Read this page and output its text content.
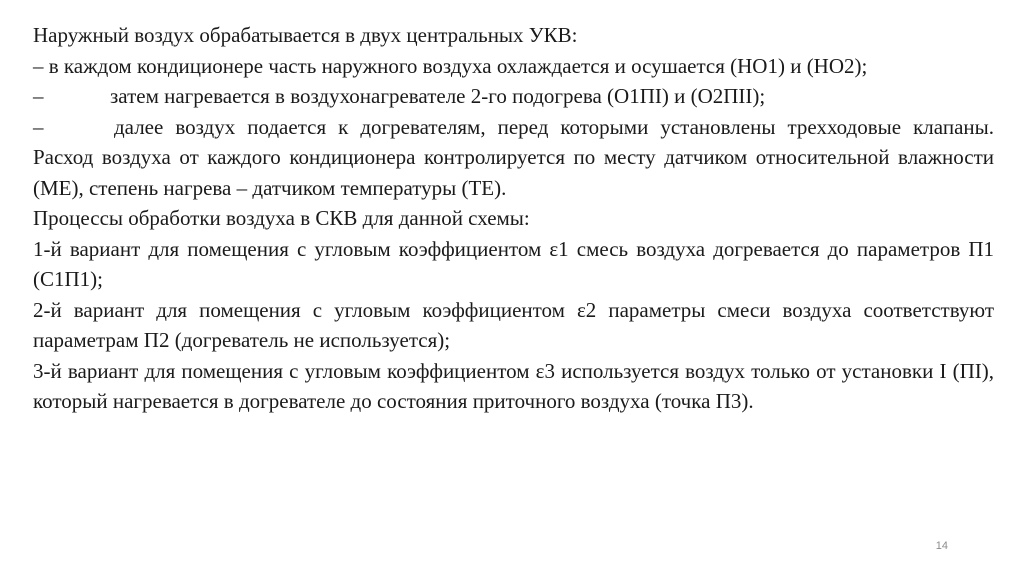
Наружный воздух обрабатывается в двух центральных УКВ:

– в каждом кондиционере часть наружного воздуха охлаждается и осушается (НО1) и (НО2);

–	затем нагревается в воздухонагревателе 2-го подогрева (О1ПI) и (О2ПII);

–	далее воздух подается к догревателям, перед которыми установлены трехходовые клапаны. Расход воздуха от каждого кондиционера контролируется по месту датчиком относительной влажности (МЕ), степень нагрева – датчиком температуры (ТЕ).

Процессы обработки воздуха в СКВ для данной схемы:

1-й вариант для помещения с угловым коэффициентом ε1 смесь воздуха догревается до параметров П1 (С1П1);

2-й вариант для помещения с угловым коэффициентом ε2 параметры смеси воздуха соответствуют параметрам П2 (догреватель не используется);

3-й вариант для помещения с угловым коэффициентом ε3 используется воздух только от установки I (ПI), который нагревается в догревателе до состояния приточного воздуха (точка П3).

14
